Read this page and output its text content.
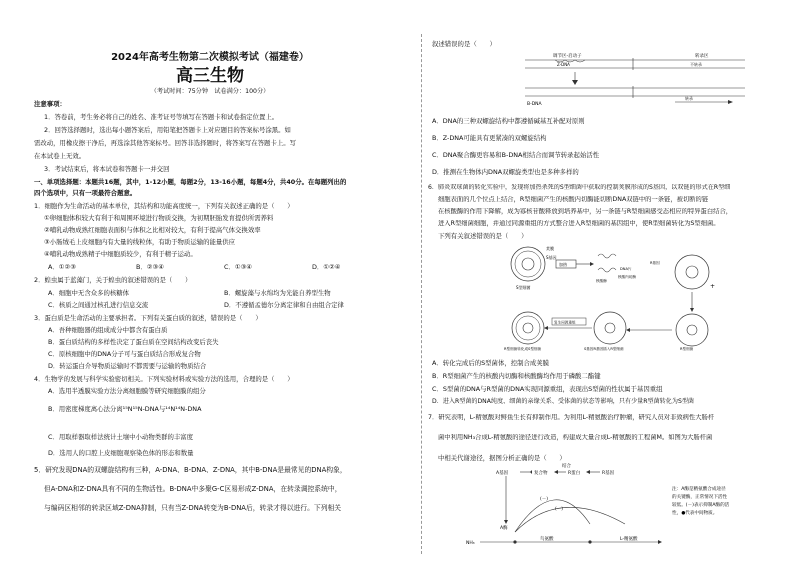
2024年高考生物第二次模拟考试（福建卷）
高三生物
（考试时间：75分钟　试卷满分：100分）
注意事项：
1．答卷前，考生务必将自己的姓名、准考证号等填写在答题卡和试卷指定位置上。
2．回答选择题时，选出每小题答案后，用铅笔把答题卡上对应题目的答案标号涂黑。如
需改动，用橡皮擦干净后，再选涂其他答案标号。回答非选择题时，将答案写在答题卡上。写
在本试卷上无效。
3．考试结束后，将本试卷和答题卡一并交回
一、单项选择题：本题共16题，其中，1-12小题，每题2分，13-16小题，每题4分，共40分。在每题列出的
四个选项中，只有一项最符合题意。
1．细胞作为生命活动的基本单位，其结构和功能高度统一，下列有关叙述正确的是（　　）
①卵细胞体积较大有利于和周围环境进行物质交换，为初期胚胎发育提供所需养料
②哺乳动物成熟红细胞表面积与体积之比相对较大，有利于提高气体交换效率
③小肠绒毛上皮细胞内有大量的线粒体，有助于物质运输的能量供应
④哺乳动物成熟精子中细胞质较少，有利于精子运动。
A．①②③	B．②③④	C．①③④	D．①②④
2．蝗虫属于蓝藻门，关于蝗虫的叙述错误的是（　　）
A．细胞中无含众多的核糖体	B．螺旋藻与水绵均为光能自养型生物
C．核质之间通过核孔进行信息交流	D．不遵循孟德尔分离定律和自由组合定律
3．蛋白质是生命活动的主要承担者。下列有关蛋白质的叙述，错误的是（　　）
A．吾种细胞器的组成成分中都含有蛋白质
B．蛋白质结构的多样性决定了蛋白质在空间结构改变后丧失
C．原核细胞中的DNA分子可与蛋白质结合形成复合物
D．转运蛋白介导物质运输时不都需要与运输的物质结合
4．生物学的发展与科学实验密切相关。下列实验材料或实验方法的选用，合理的是（　　）
A．选用半透膜实验方法分离细胞膜等研究细胞膜的组分
B．用密度梯度离心法分离¹⁵N¹⁵N-DNA与¹⁴N¹⁴N-DNA
C．用取样器取样法统计土壤中小动物类群的丰富度
D．选用人的口腔上皮细胞观察染色体的形态和数量
5．研究发现DNA的双螺旋结构有三种，A-DNA、B-DNA、Z-DNA，其中B-DNA是最常见的DNA构象，
但A-DNA和Z-DNA具有不同的生物活性。B-DNA中多聚G-C区易形成Z-DNA，在转录调控系统中，
与编码区相邻的转录区域Z-DNA抑制，只有当Z-DNA转变为B-DNA后，转录才得以进行。下列相关
叙述错误的是（　　）
调节区-启动子	转录区
Z-DNA	不转录
B-DNA
转录
A．DNA的三种双螺旋结构中都遵循碱基互补配对原则
B．Z-DNA可能具有更紧凑的双螺旋结构
C．DNA聚合酶更容易和B-DNA相结合而调节转录起始活性
D．推测在生物体内DNA双螺旋类型也是多种多样的
6．肺炎双球菌的转化实验中，发现将加热杀死的S型细菌中获取的控制荚膜形成的S基因，以双链的形式在R型细
细胞表面的几个位点上结合，R型细菌产生的核酸内切酶能切断DNA双链中的一条链，被切断的链
在核酸酶的作用下降解，成为寡核苷酸释放到培养基中，另一条链与R型细菌感受态相应的特异蛋白结合，
进入R型细菌细胞，并通过同源重组的方式整合进入R型细菌的基因组中，使R型细菌转化为S型细菌。
下列有关叙述错误的是（　　）
荚膜
S基因
S型细菌
加热
核酸酶
DNA片
核酸内切酶
R基因
+
复生同源重组
R型细菌转化成S型细菌	S基因R基因插入R型细菌	R型细菌
A．转化完成后的S型菌体，控制合成荚膜
B．R型细菌产生的核酸内切酶和核酸酶均作用于磷酸二酯键
C．S型菌的DNA与R型菌的DNA实现同源重组，表现出S型菌的性状属于基因重组
D．进入R型菌的DNA纯度、细菌的亲缘关系、受体菌的状态等影响，只有少量R型菌转化为S型菌
7．研究表明，L-精氨酸对鲟鱼生长有抑制作用。为利用L-精氨酸治疗肿瘤，研究人员对非致病性大肠杆
菌中利用NH₃合成L-精氨酸的途径进行改造，构建成大量合成L-精氨酸的工程菌M。如图为大肠杆菌
中相关代谢途径，据图分析正确的是（　　）
A基因	复合物
结合
R蛋白	R基因
(－)
(－)
A酶
NH₃
鸟氨酸	L-精氨酸
注：A酶是精氨酸合成途径
的关键酶，正常情况下活性
较低。(－)表示抑制A酶的活
性，●代表中间物质。
